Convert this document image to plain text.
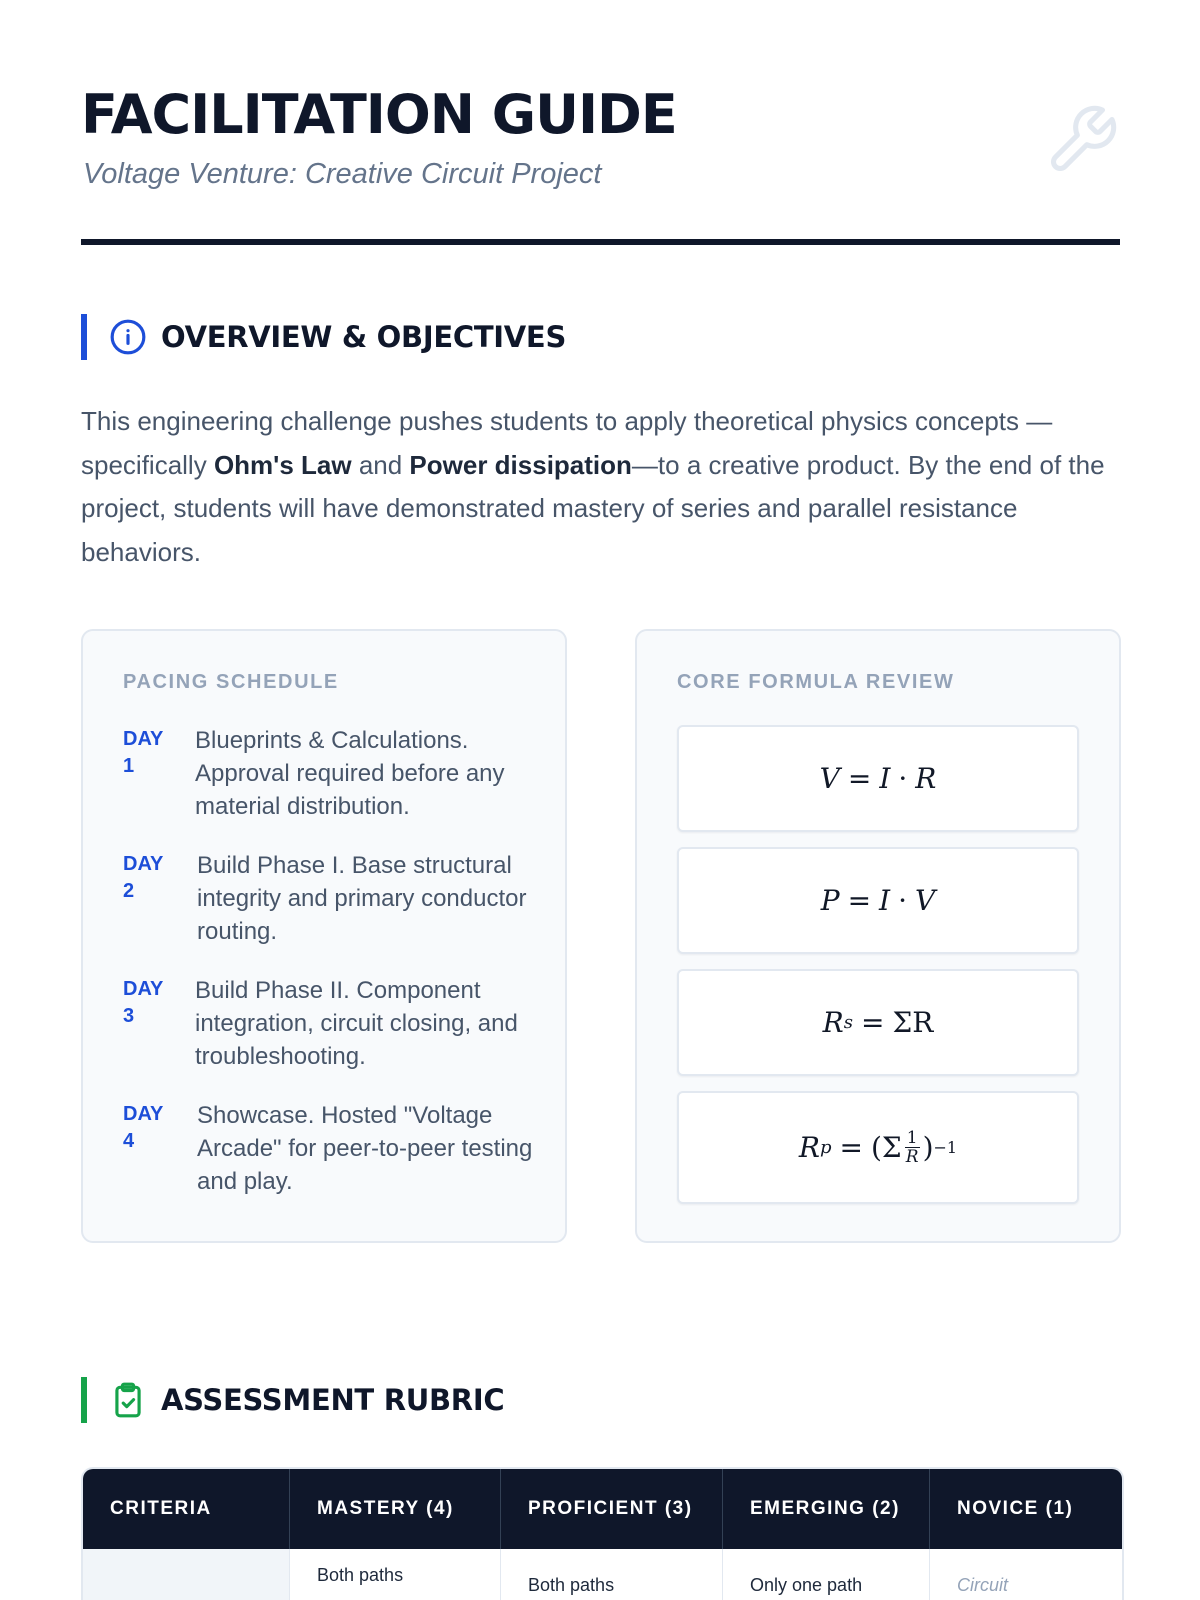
FACILITATION GUIDE

Voltage Venture: Creative Circuit Project

OVERVIEW & OBJECTIVES

This engineering challenge pushes students to apply theoretical physics concepts —specifically Ohm's Law and Power dissipation—to a creative product. By the end of the project, students will have demonstrated mastery of series and parallel resistance behaviors.

PACING SCHEDULE

DAY
1
Blueprints & Calculations. Approval required before any material distribution.
DAY
2
Build Phase I. Base structural integrity and primary conductor routing.
DAY
3
Build Phase II. Component integration, circuit closing, and troubleshooting.
DAY
4
Showcase. Hosted "Voltage Arcade" for peer-to-peer testing and play.

CORE FORMULA REVIEW

V = I · R
P = I · V
R s = ΣR
R $p = (\Sigma \frac{1}{R}$ ) −1
ASSESSMENT RUBRIC
CRITERIA	MASTERY (4)	PROFICIENT (3)	EMERGING (2)	NOVICE (1)
	Both paths	Both paths	Only one path	Circuit
